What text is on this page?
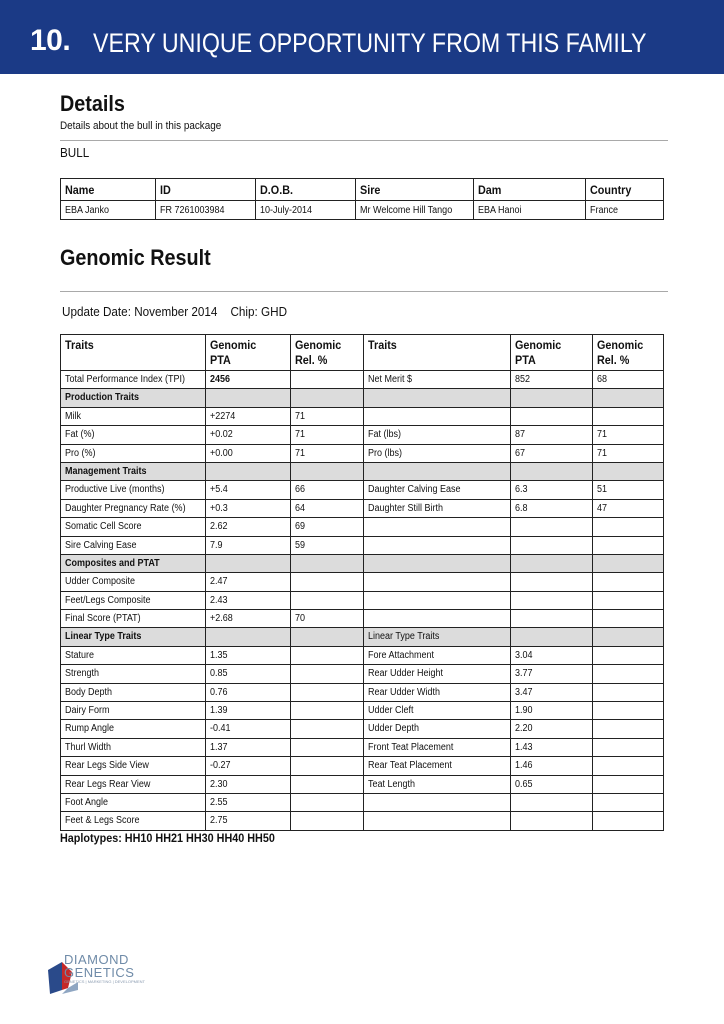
10. VERY UNIQUE OPPORTUNITY FROM THIS FAMILY
Details
Details about the bull in this package
BULL
Name	ID	D.O.B.	Sire	Dam	Country
EBA Janko	FR 7261003984	10-July-2014	Mr Welcome Hill Tango	EBA Hanoi	France
Genomic Result
Update Date: November 2014 Chip: GHD
Traits	Genomic PTA	Genomic Rel. %	Traits	Genomic PTA	Genomic Rel. %
Total Performance Index (TPI)	2456		Net Merit $	852	68
Production Traits					
Milk	+2274	71			
Fat (%)	+0.02	71	Fat (lbs)	87	71
Pro (%)	+0.00	71	Pro (lbs)	67	71
Management Traits					
Productive Live (months)	+5.4	66	Daughter Calving Ease	6.3	51
Daughter Pregnancy Rate (%)	+0.3	64	Daughter Still Birth	6.8	47
Somatic Cell Score	2.62	69			
Sire Calving Ease	7.9	59			
Composites and PTAT					
Udder Composite	2.47				
Feet/Legs Composite	2.43				
Final Score (PTAT)	+2.68	70			
Linear Type Traits			Linear Type Traits		
Stature	1.35		Fore Attachment	3.04	
Strength	0.85		Rear Udder Height	3.77	
Body Depth	0.76		Rear Udder Width	3.47	
Dairy Form	1.39		Udder Cleft	1.90	
Rump Angle	-0.41		Udder Depth	2.20	
Thurl Width	1.37		Front Teat Placement	1.43	
Rear Legs Side View	-0.27		Rear Teat Placement	1.46	
Rear Legs Rear View	2.30		Teat Length	0.65	
Foot Angle	2.55				
Feet & Legs Score	2.75				
Haplotypes: HH10 HH21 HH30 HH40 HH50
DIAMOND
GENETICS
GENETICS | MARKETING | DEVELOPMENT
